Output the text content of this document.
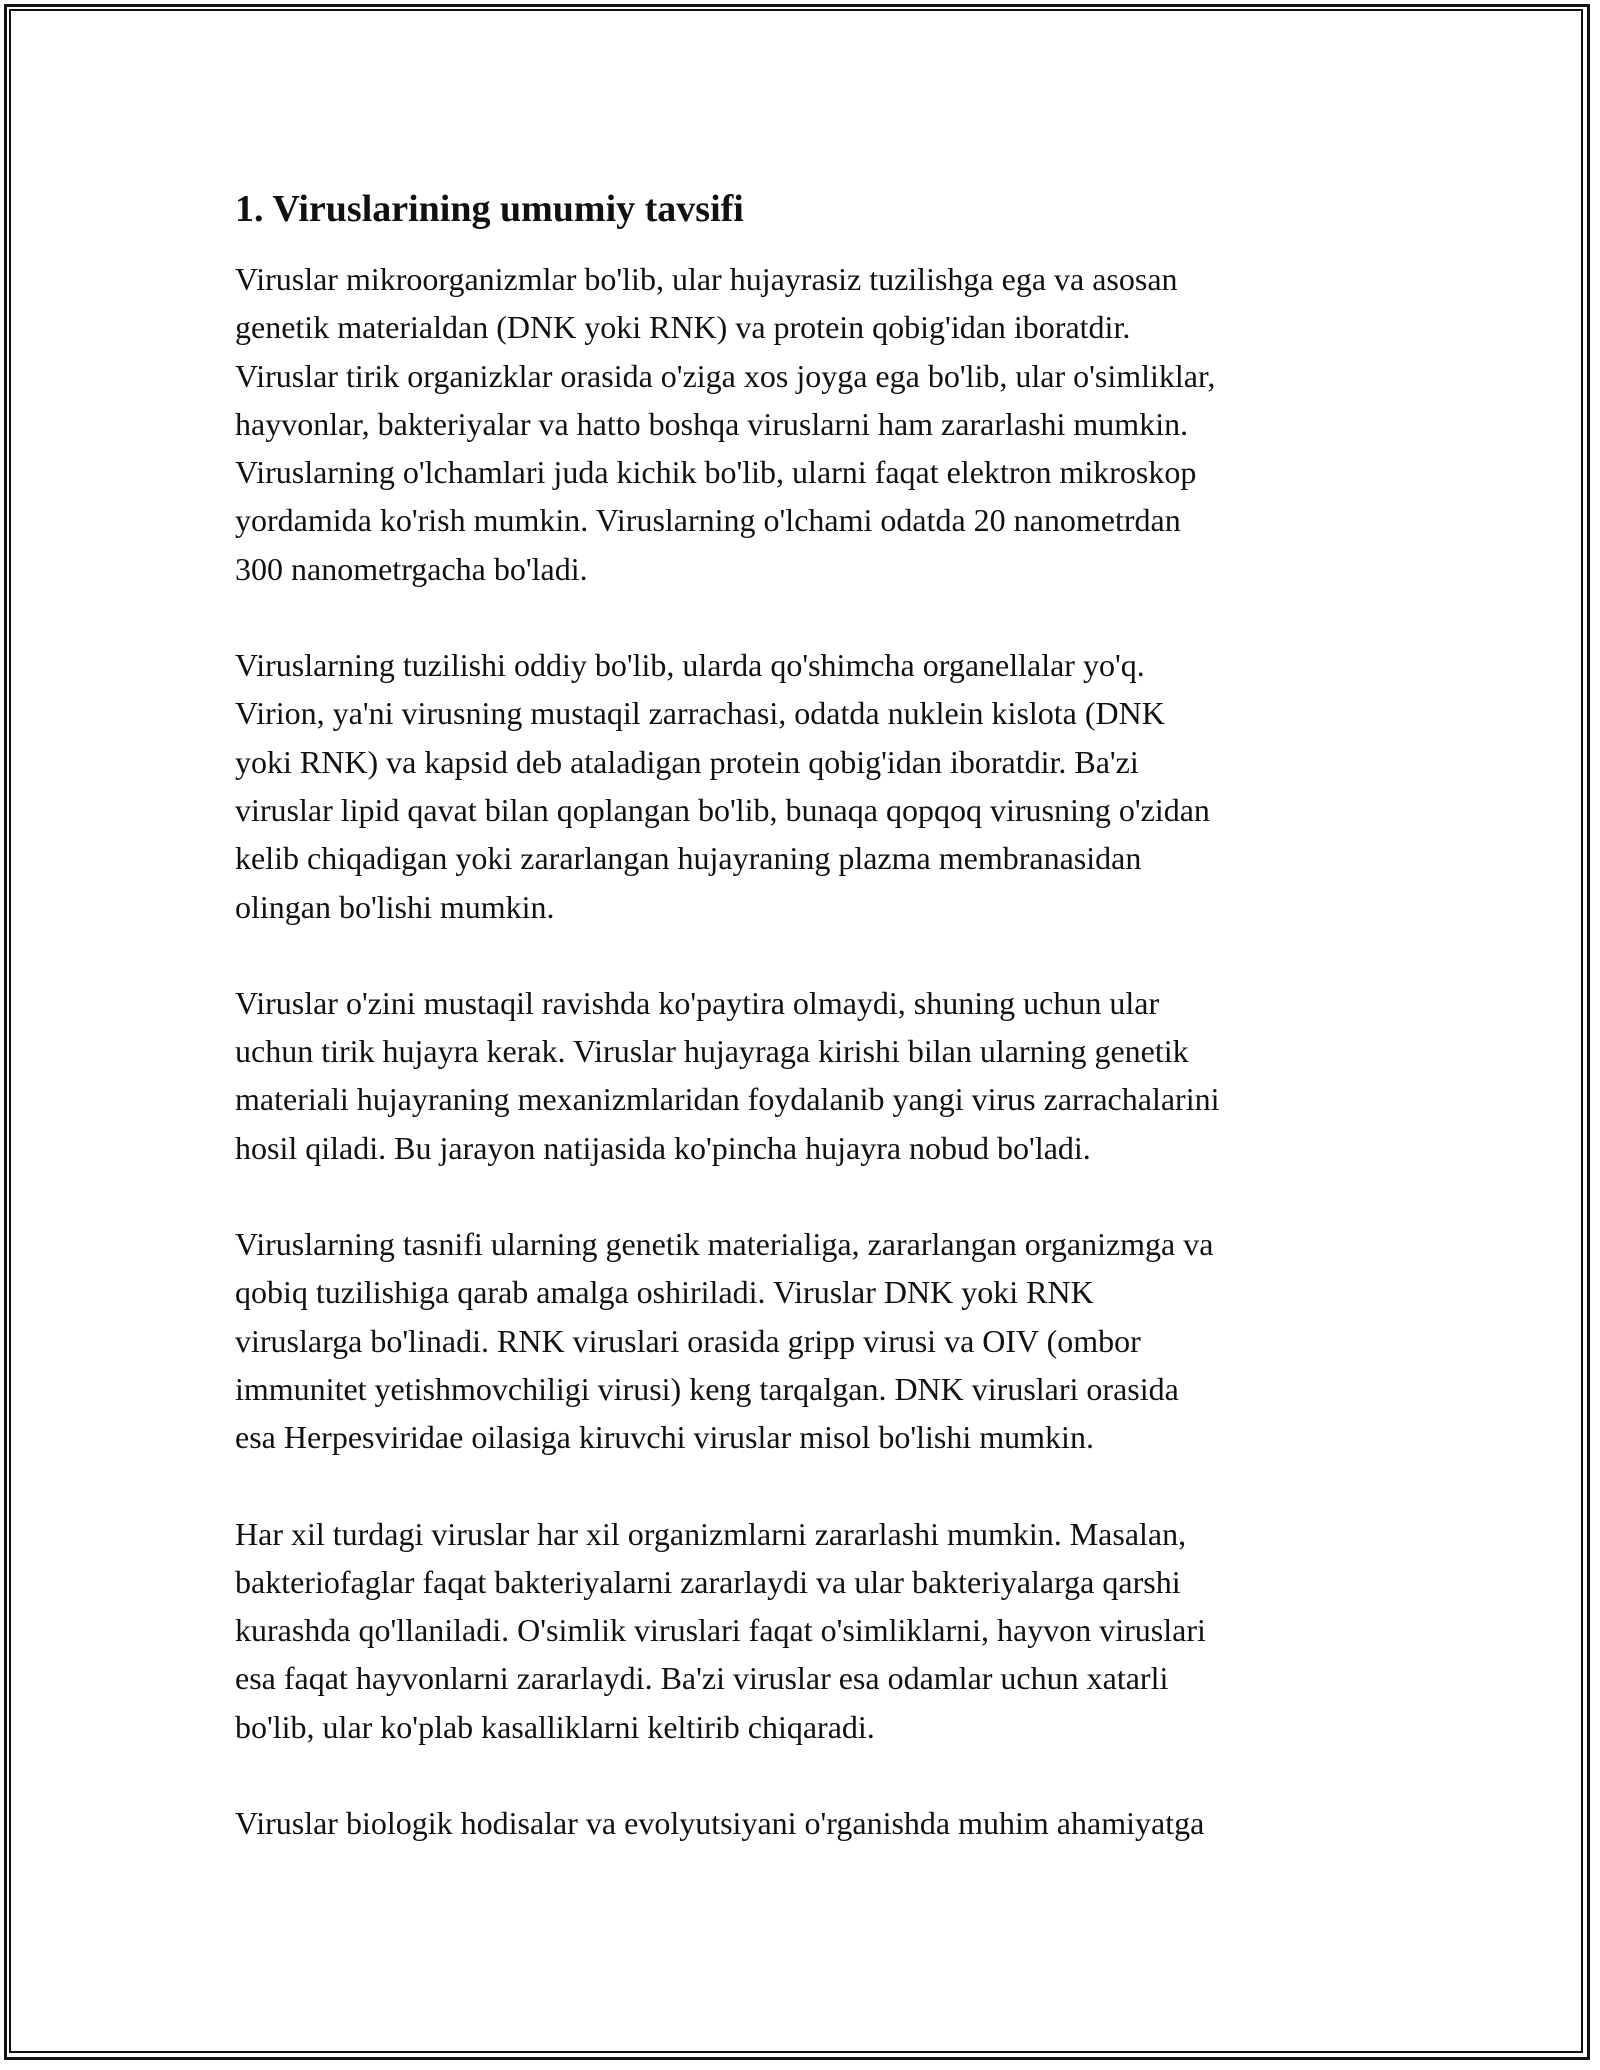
1. Viruslarining umumiy tavsifi

Viruslar mikroorganizmlar bo'lib, ular hujayrasiz tuzilishga ega va asosan
genetik materialdan (DNK yoki RNK) va protein qobig'idan iboratdir.
Viruslar tirik organizklar orasida o'ziga xos joyga ega bo'lib, ular o'simliklar,
hayvonlar, bakteriyalar va hatto boshqa viruslarni ham zararlashi mumkin.
Viruslarning o'lchamlari juda kichik bo'lib, ularni faqat elektron mikroskop
yordamida ko'rish mumkin. Viruslarning o'lchami odatda 20 nanometrdan
300 nanometrgacha bo'ladi.

Viruslarning tuzilishi oddiy bo'lib, ularda qo'shimcha organellalar yo'q.
Virion, ya'ni virusning mustaqil zarrachasi, odatda nuklein kislota (DNK
yoki RNK) va kapsid deb ataladigan protein qobig'idan iboratdir. Ba'zi
viruslar lipid qavat bilan qoplangan bo'lib, bunaqa qopqoq virusning o'zidan
kelib chiqadigan yoki zararlangan hujayraning plazma membranasidan
olingan bo'lishi mumkin.

Viruslar o'zini mustaqil ravishda ko'paytira olmaydi, shuning uchun ular
uchun tirik hujayra kerak. Viruslar hujayraga kirishi bilan ularning genetik
materiali hujayraning mexanizmlaridan foydalanib yangi virus zarrachalarini
hosil qiladi. Bu jarayon natijasida ko'pincha hujayra nobud bo'ladi.

Viruslarning tasnifi ularning genetik materialiga, zararlangan organizmga va
qobiq tuzilishiga qarab amalga oshiriladi. Viruslar DNK yoki RNK
viruslarga bo'linadi. RNK viruslari orasida gripp virusi va OIV (ombor
immunitet yetishmovchiligi virusi) keng tarqalgan. DNK viruslari orasida
esa Herpesviridae oilasiga kiruvchi viruslar misol bo'lishi mumkin.

Har xil turdagi viruslar har xil organizmlarni zararlashi mumkin. Masalan,
bakteriofaglar faqat bakteriyalarni zararlaydi va ular bakteriyalarga qarshi
kurashda qo'llaniladi. O'simlik viruslari faqat o'simliklarni, hayvon viruslari
esa faqat hayvonlarni zararlaydi. Ba'zi viruslar esa odamlar uchun xatarli
bo'lib, ular ko'plab kasalliklarni keltirib chiqaradi.

Viruslar biologik hodisalar va evolyutsiyani o'rganishda muhim ahamiyatga
